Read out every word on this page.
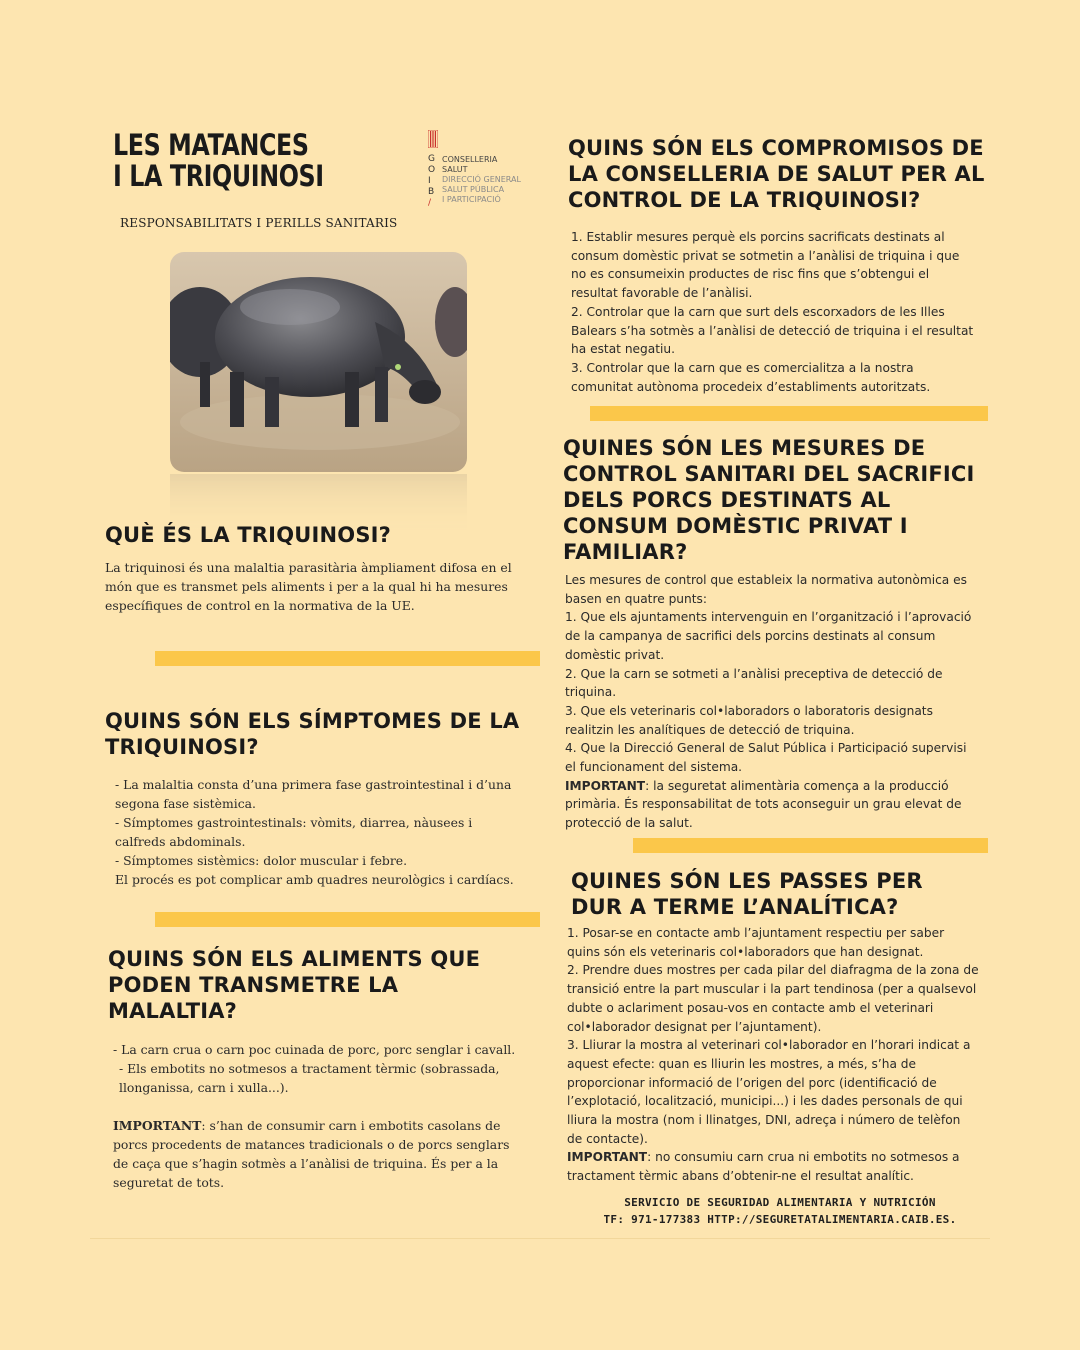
LES MATANCES
I LA TRIQUINOSI
RESPONSABILITATS I PERILLS SANITARIS
G
O
I
B
/
CONSELLERIA
SALUT
DIRECCIÓ GENERAL
SALUT PÚBLICA
I PARTICIPACIÓ
QUÈ ÉS LA TRIQUINOSI?

La triquinosi és una malaltia parasitària àmpliament difosa en el món que es transmet pels aliments i per a la qual hi ha mesures específiques de control en la normativa de la UE.

QUINS SÓN ELS SÍMPTOMES DE LA TRIQUINOSI?

- La malaltia consta d’una primera fase gastrointestinal i d’una segona fase sistèmica.

- Símptomes gastrointestinals: vòmits, diarrea, nàusees i calfreds abdominals.

- Símptomes sistèmics: dolor muscular i febre.

El procés es pot complicar amb quadres neurològics i cardíacs.

QUINS SÓN ELS ALIMENTS QUE PODEN TRANSMETRE LA MALALTIA?

- La carn crua o carn poc cuinada de porc, porc senglar i cavall.

- Els embotits no sotmesos a tractament tèrmic (sobrassada, llonganissa, carn i xulla...).

IMPORTANT: s’han de consumir carn i embotits casolans de porcs procedents de matances tradicionals o de porcs senglars de caça que s’hagin sotmès a l’anàlisi de triquina. És per a la seguretat de tots.

QUINS SÓN ELS COMPROMISOS DE LA CONSELLERIA DE SALUT PER AL CONTROL DE LA TRIQUINOSI?

1. Establir mesures perquè els porcins sacrificats destinats al consum domèstic privat se sotmetin a l’anàlisi de triquina i que no es consumeixin productes de risc fins que s’obtengui el resultat favorable de l’anàlisi.

2. Controlar que la carn que surt dels escorxadors de les Illes Balears s’ha sotmès a l’anàlisi de detecció de triquina i el resultat ha estat negatiu.

3. Controlar que la carn que es comercialitza a la nostra comunitat autònoma procedeix d’establiments autoritzats.

QUINES SÓN LES MESURES DE CONTROL SANITARI DEL SACRIFICI DELS PORCS DESTINATS AL CONSUM DOMÈSTIC PRIVAT I FAMILIAR?

Les mesures de control que estableix la normativa autonòmica es basen en quatre punts:

1. Que els ajuntaments intervenguin en l’organització i l’aprovació de la campanya de sacrifici dels porcins destinats al consum domèstic privat.

2. Que la carn se sotmeti a l’anàlisi preceptiva de detecció de triquina.

3. Que els veterinaris col•laboradors o laboratoris designats realitzin les analítiques de detecció de triquina.

4. Que la Direcció General de Salut Pública i Participació supervisi el funcionament del sistema.

IMPORTANT: la seguretat alimentària comença a la producció primària. És responsabilitat de tots aconseguir un grau elevat de protecció de la salut.

QUINES SÓN LES PASSES PER DUR A TERME L’ANALÍTICA?

1. Posar-se en contacte amb l’ajuntament respectiu per saber quins són els veterinaris col•laboradors que han designat.

2. Prendre dues mostres per cada pilar del diafragma de la zona de transició entre la part muscular i la part tendinosa (per a qualsevol dubte o aclariment posau-vos en contacte amb el veterinari col•laborador designat per l’ajuntament).

3. Lliurar la mostra al veterinari col•laborador en l’horari indicat a aquest efecte: quan es lliurin les mostres, a més, s’ha de proporcionar informació de l’origen del porc (identificació de l’explotació, localització, municipi...) i les dades personals de qui lliura la mostra (nom i llinatges, DNI, adreça i número de telèfon de contacte).

IMPORTANT: no consumiu carn crua ni embotits no sotmesos a tractament tèrmic abans d’obtenir-ne el resultat analític.

SERVICIO DE SEGURIDAD ALIMENTARIA Y NUTRICIÓN
TF: 971-177383 HTTP://SEGURETATALIMENTARIA.CAIB.ES.
